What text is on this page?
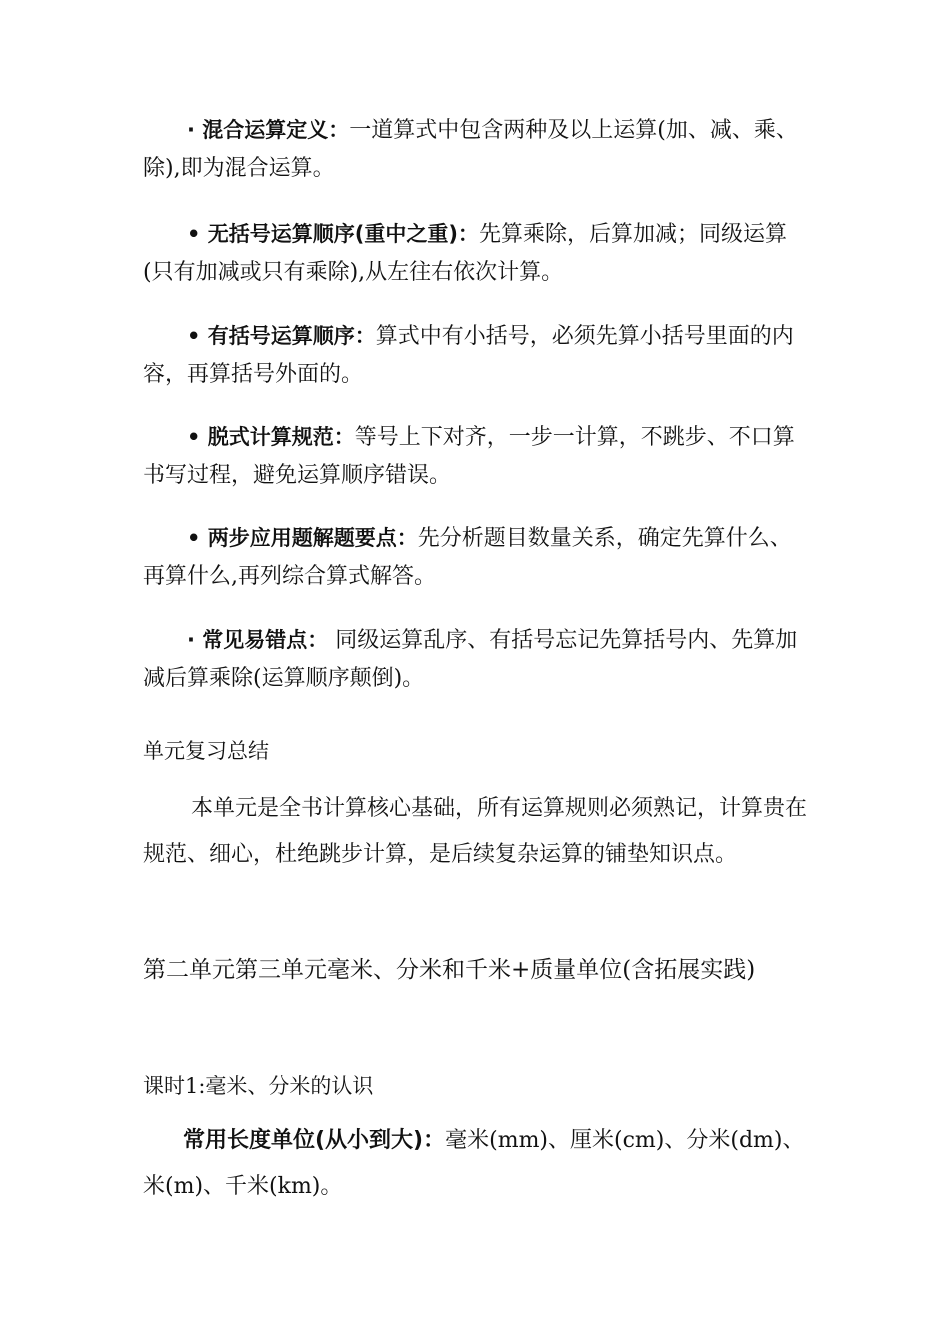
· 混合运算定义：一道算式中包含两种及以上运算(加、减、乘、除),即为混合运算。
• 无括号运算顺序(重中之重)：先算乘除，后算加减；同级运算(只有加减或只有乘除),从左往右依次计算。
• 有括号运算顺序：算式中有小括号，必须先算小括号里面的内容，再算括号外面的。
• 脱式计算规范：等号上下对齐，一步一计算，不跳步、不口算书写过程，避免运算顺序错误。
• 两步应用题解题要点：先分析题目数量关系，确定先算什么、再算什么,再列综合算式解答。
· 常见易错点： 同级运算乱序、有括号忘记先算括号内、先算加减后算乘除(运算顺序颠倒)。
单元复习总结
本单元是全书计算核心基础，所有运算规则必须熟记，计算贵在规范、细心，杜绝跳步计算，是后续复杂运算的铺垫知识点。
第二单元第三单元毫米、分米和千米+质量单位(含拓展实践)
课时1:毫米、分米的认识
常用长度单位(从小到大)：毫米(mm)、厘米(cm)、分米(dm)、米(m)、千米(km)。
